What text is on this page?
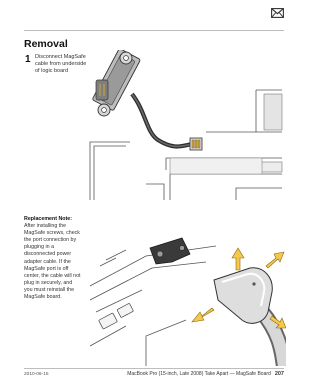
Removal
1 Disconnect MagSafe cable from underside of logic board
Replacement Note: After installing the MagSafe screws, check the port connection by plugging in a disconnected power adapter cable. If the MagSafe port is off center, the cable will not plug in securely, and you must reinstall the MagSafe board.
2010-06-15	MacBook Pro (15-inch, Late 2008) Take Apart — MagSafe Board 207
